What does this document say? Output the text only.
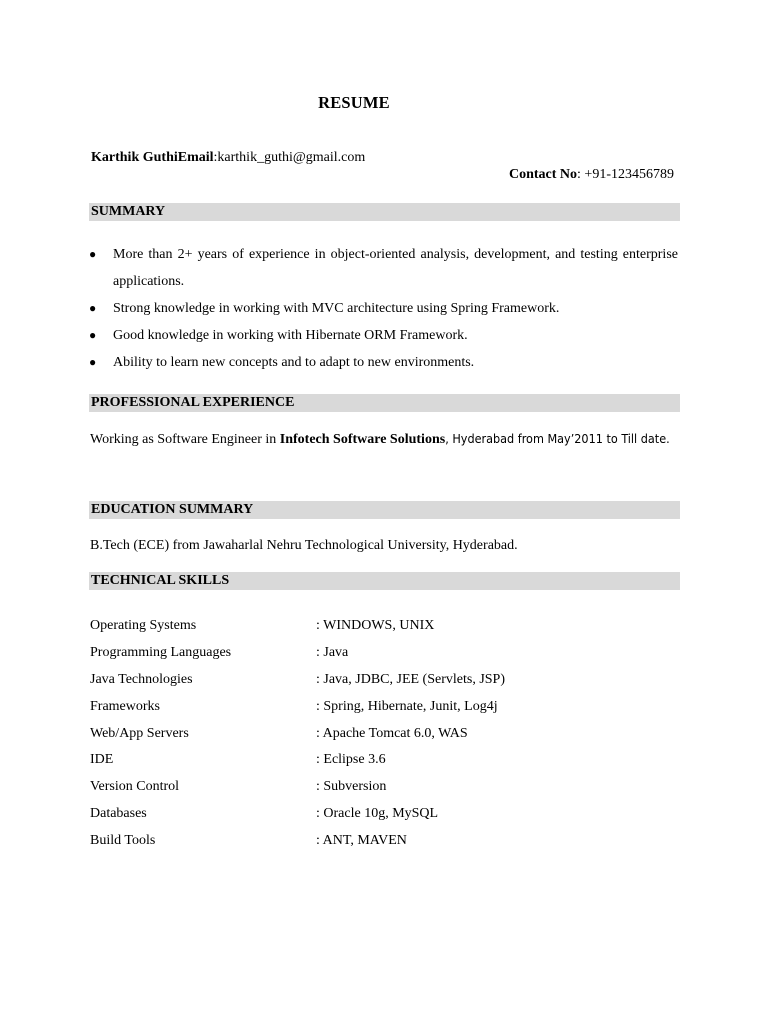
RESUME
Karthik GuthiEmail:karthik_guthi@gmail.com
Contact No: +91-123456789
SUMMARY
● More than 2+ years of experience in object-oriented analysis, development, and testing enterprise applications.
● Strong knowledge in working with MVC architecture using Spring Framework.
● Good knowledge in working with Hibernate ORM Framework.
● Ability to learn new concepts and to adapt to new environments.
PROFESSIONAL EXPERIENCE
Working as Software Engineer in Infotech Software Solutions, Hyderabad from May’2011 to Till date.
EDUCATION SUMMARY
B.Tech (ECE) from Jawaharlal Nehru Technological University, Hyderabad.
TECHNICAL SKILLS
Operating Systems	: WINDOWS, UNIX
Programming Languages	: Java
Java Technologies	: Java, JDBC, JEE (Servlets, JSP)
Frameworks	: Spring, Hibernate, Junit, Log4j
Web/App Servers	: Apache Tomcat 6.0, WAS
IDE	: Eclipse 3.6
Version Control	: Subversion
Databases	: Oracle 10g, MySQL
Build Tools	: ANT, MAVEN
